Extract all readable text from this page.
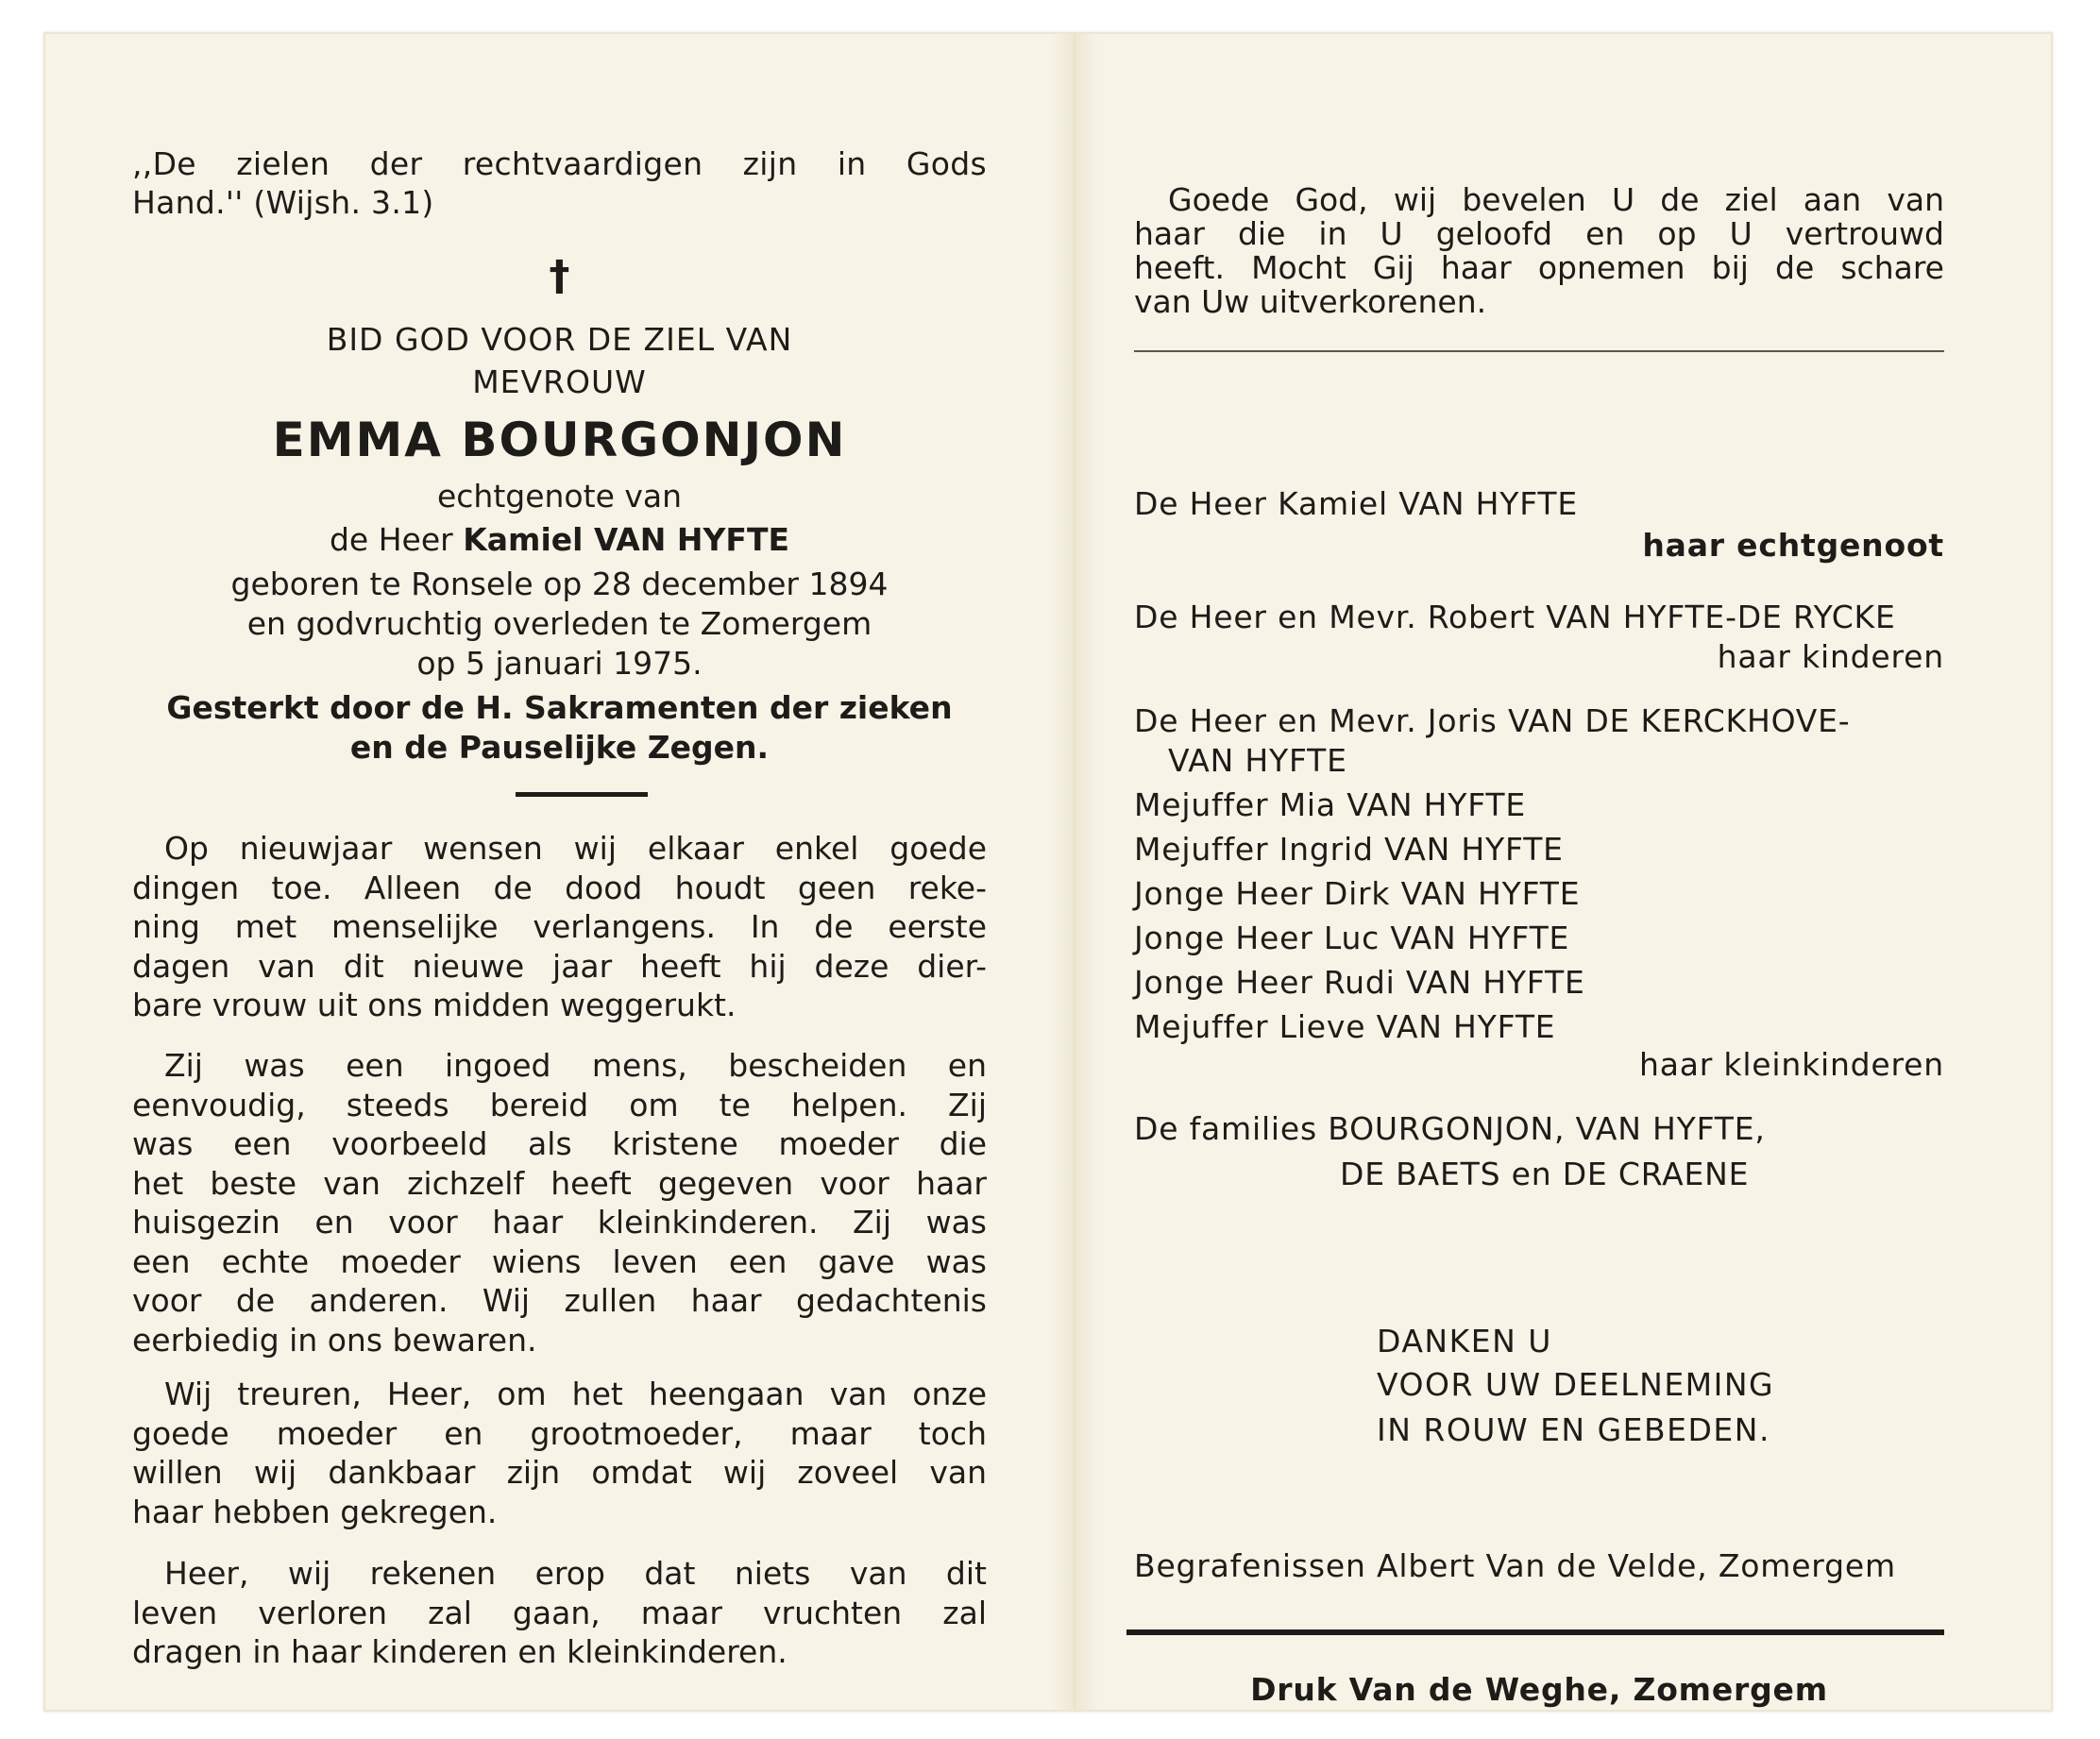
,,De zielen der rechtvaardigen zijn in Gods

Hand.'' (Wijsh. 3.1)

†

BID GOD VOOR DE ZIEL VAN

MEVROUW

EMMA BOURGONJON

echtgenote van

de Heer Kamiel VAN HYFTE

geboren te Ronsele op 28 december 1894
en godvruchtig overleden te Zomergem
op 5 januari 1975.
Gesterkt door de H. Sakramenten der zieken
en de Pauselijke Zegen.

Op nieuwjaar wensen wij elkaar enkel goede

dingen toe. Alleen de dood houdt geen reke-

ning met menselijke verlangens. In de eerste

dagen van dit nieuwe jaar heeft hij deze dier-

bare vrouw uit ons midden weggerukt.

Zij was een ingoed mens, bescheiden en

eenvoudig, steeds bereid om te helpen. Zij

was een voorbeeld als kristene moeder die

het beste van zichzelf heeft gegeven voor haar

huisgezin en voor haar kleinkinderen. Zij was

een echte moeder wiens leven een gave was

voor de anderen. Wij zullen haar gedachtenis

eerbiedig in ons bewaren.

Wij treuren, Heer, om het heengaan van onze

goede moeder en grootmoeder, maar toch

willen wij dankbaar zijn omdat wij zoveel van

haar hebben gekregen.

Heer, wij rekenen erop dat niets van dit

leven verloren zal gaan, maar vruchten zal

dragen in haar kinderen en kleinkinderen.

Goede God, wij bevelen U de ziel aan van

haar die in U geloofd en op U vertrouwd

heeft. Mocht Gij haar opnemen bij de schare

van Uw uitverkorenen.

De Heer Kamiel VAN HYFTE

haar echtgenoot

De Heer en Mevr. Robert VAN HYFTE-DE RYCKE

haar kinderen

De Heer en Mevr. Joris VAN DE KERCKHOVE-

VAN HYFTE

Mejuffer Mia VAN HYFTE

Mejuffer Ingrid VAN HYFTE

Jonge Heer Dirk VAN HYFTE

Jonge Heer Luc VAN HYFTE

Jonge Heer Rudi VAN HYFTE

Mejuffer Lieve VAN HYFTE

haar kleinkinderen

De families BOURGONJON, VAN HYFTE,

DE BAETS en DE CRAENE

DANKEN U

VOOR UW DEELNEMING

IN ROUW EN GEBEDEN.

Begrafenissen Albert Van de Velde, Zomergem

Druk Van de Weghe, Zomergem
